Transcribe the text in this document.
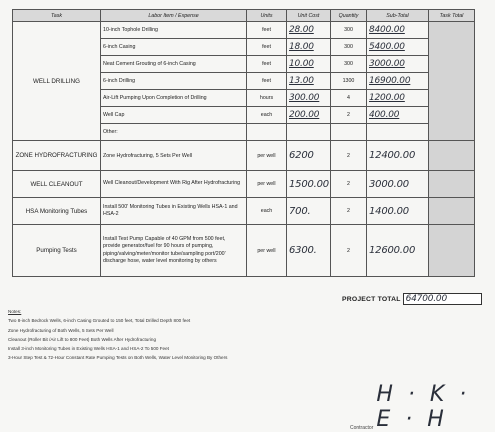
Task	Labor Item / Expense	Units	Unit Cost	Quantity	Sub-Total	Task Total
WELL DRILLING	10-inch Tophole Drilling	feet	28.00	300	8400.00	
	6-inch Casing	feet	18.00	300	5400.00	
	Neat Cement Grouting of 6-inch Casing	feet	10.00	300	3000.00	
	6-inch Drilling	feet	13.00	1300	16900.00	
	Air-Lift Pumping Upon Completion of Drilling	hours	300.00	4	1200.00	
	Well Cap	each	200.00	2	400.00	
	Other:					
ZONE HYDROFRACTURING	Zone Hydrofracturing, 5 Sets Per Well	per well	6200	2	12400.00	
WELL CLEANOUT	Well Cleanout/Development With Rig After Hydrofracturing	per well	1500.00	2	3000.00	
HSA Monitoring Tubes	Install 500' Monitoring Tubes in Existing Wells HSA-1 and HSA-2	each	700.	2	1400.00	
Pumping Tests	Install Test Pump Capable of 40 GPM from 500 feet, provide generator/fuel for 90 hours of pumping, piping/valving/meter/monitor tube/sampling port/200' discharge hose, water level monitoring by others	per well	6300.	2	12600.00	
PROJECT TOTAL 64700.00
Notes:
Two 8-inch Bedrock Wells, 6-inch Casing Grouted to 150 feet, Total Drilled Depth 800 feet
Zone Hydrofracturing of Both Wells, 5 Sets Per Well
Cleanout (Roller Bit /Air Lift to 800 Feet) Both Wells After Hydrofracturing
Install 3-inch Monitoring Tubes in Existing Wells HSA-1 and HSA-2 To 500 Feet
3-Hour Step Test & 72-Hour Constant Rate Pumping Tests on Both Wells, Water Level Monitoring By Others
Contractor
H · K · E · H
